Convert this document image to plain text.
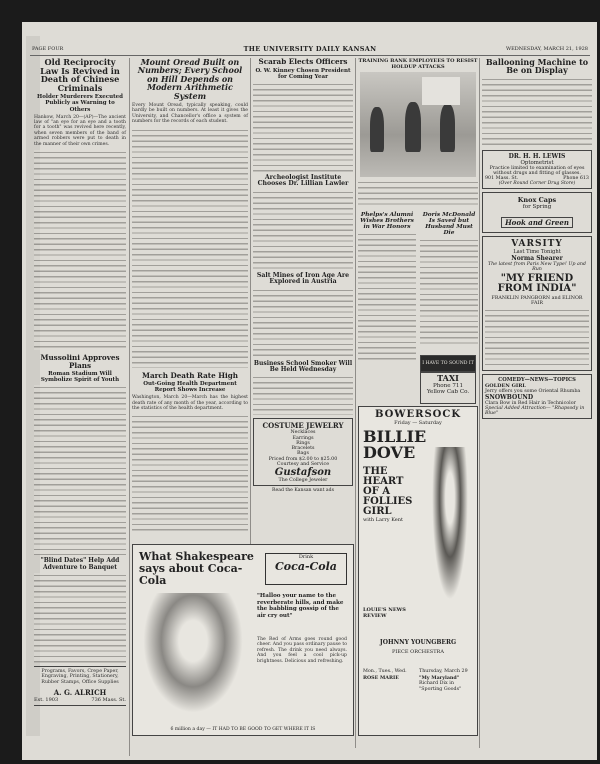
PAGE FOUR	THE UNIVERSITY DAILY KANSAN	WEDNESDAY, MARCH 21, 1928
Old Reciprocity Law Is Revived in Death of Chinese Criminals
Holder Murderers Executed Publicly as Warning to Others
Hankow, March 20—(AP)—The ancient law of "an eye for an eye and a tooth for a tooth" was revived here recently, when seven members of the band of armed robbers were put to death in the manner of their own crimes.
Mussolini Approves Plans
Roman Stadium Will Symbolize Spirit of Youth
"Blind Dates" Help Add Adventure to Banquet
Programs, Favors, Crepe Paper, Engraving, Printing, Stationery, Rubber Stamps, Office Supplies
A. G. ALRICH
Est. 1903	736 Mass. St.
Mount Oread Built on Numbers; Every School on Hill Depends on Modern Arithmetic System
Every Mount Oread, typically speaking, could hardly be built on numbers. At least it gives the University, and Chancellor's office a system of numbers for the records of each student.
March Death Rate High
Out-Going Health Department Report Shows Increase
Washington, March 20—March has the highest death rate of any month of the year, according to the statistics of the health department.
Scarab Elects Officers
O. W. Kinney Chosen President for Coming Year
Archeologist Institute Chooses Dr. Lillian Lawler
Salt Mines of Iron Age Are Explored in Austria
Business School Smoker Will Be Held Wednesday
COSTUME JEWELRY
Necklaces
Earrings
Rings
Bracelets
Bags
Priced from $2.00 to $25.00
Courtesy and Service
Gustafson
The College Jeweler
Read the Kansan want ads
TRAINING BANK EMPLOYEES TO RESIST HOLDUP ATTACKS
Phelps's Alumni Wishes Brothers in War Honors
Doris McDonald Is Saved but Husband Must Die
I HAVE TO SOUND IT
TAXI
Phone 711
Yellow Cab Co.
Ballooning Machine to Be on Display
DR. H. H. LEWIS
Optometrist
Practice limited to examination of eyes without drugs and fitting of glasses.
901 Mass. St.	Phone 613
(Over Round Corner Drug Store)
Knox Caps
for Spring
Hook and Green
VARSITY
Last Time Tonight
Norma Shearer
The latest from Paris New Type! Up and Run
"MY FRIEND FROM INDIA"
FRANKLIN PANGBORN and ELINOR FAIR
COMEDY—NEWS—TOPICS
GOLDEN GIRL
Jerry offers you some Oriental Rhumba
SNOWBOUND
Clara Bow in Red Hair in Technicolor
Special Added Attraction— "Rhapsody in Blue"
What Shakespeare says about Coca-Cola
Drink
Coca-Cola
"Halloo your name to the reverberate hills, and make the babbling gossip of the air cry out"
The Red of Arms goes round good cheer. And you pass ordinary pause to refresh. The drink you need always. And you feel a cool pick-up brightness. Delicious and refreshing.
6 million a day — IT HAD TO BE GOOD TO GET WHERE IT IS
BOWERSOCK
Friday — Saturday
BILLIE DOVE
THE HEART OF A FOLLIES GIRL
with Larry Kent
LOUIE'S NEWS REVIEW
JOHNNY YOUNGBERG
PIECE ORCHESTRA
Mon., Tues., Wed.
ROSE MARIE
Thursday, March 29
"My Maryland"
Richard Dix in "Sporting Goods"
